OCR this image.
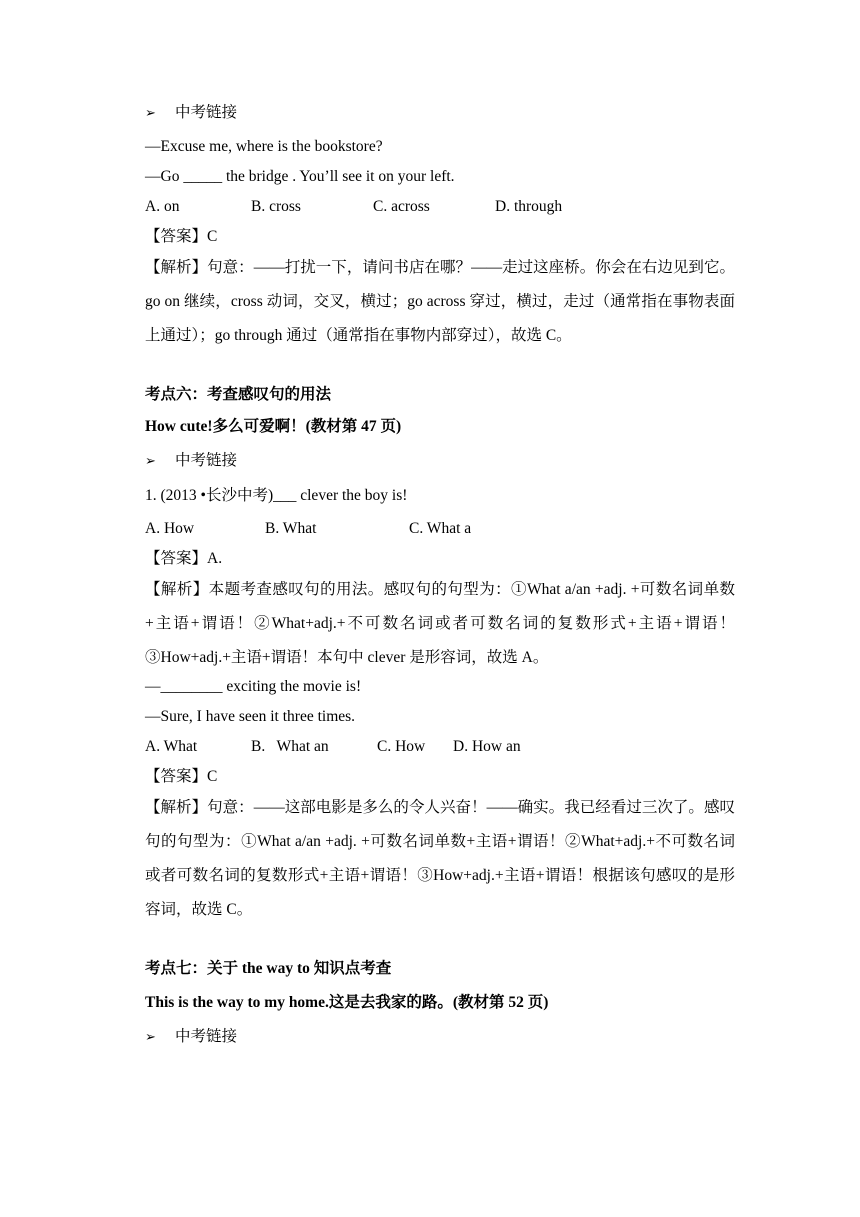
➢ 中考链接
—Excuse me, where is the bookstore?
—Go _____ the bridge . You’ll see it on your left.
A. on	B. cross	C. across	D. through
【答案】C
【解析】句意：——打扰一下，请问书店在哪？——走过这座桥。你会在右边见到它。go on 继续，cross 动词，交叉，横过；go across 穿过，横过，走过（通常指在事物表面上通过）；go through 通过（通常指在事物内部穿过），故选 C。
考点六：考查感叹句的用法
How cute!多么可爱啊！(教材第 47 页)
➢ 中考链接
1. (2013 •长沙中考)___ clever the boy is!
A. How	B. What	C. What a
【答案】A.
【解析】本题考查感叹句的用法。感叹句的句型为：①What a/an +adj. +可数名词单数+主语+谓语！②What+adj.+不可数名词或者可数名词的复数形式+主语+谓语！③How+adj.+主语+谓语！本句中 clever 是形容词，故选 A。
—________ exciting the movie is!
—Sure, I have seen it three times.
A. What	B.   What an	C. How D. How an
【答案】C
【解析】句意：——这部电影是多么的令人兴奋！——确实。我已经看过三次了。感叹句的句型为：①What a/an +adj. +可数名词单数+主语+谓语！②What+adj.+不可数名词或者可数名词的复数形式+主语+谓语！③How+adj.+主语+谓语！根据该句感叹的是形容词，故选 C。
考点七：关于 the way to 知识点考查
This is the way to my home.这是去我家的路。(教材第 52 页)
➢ 中考链接
